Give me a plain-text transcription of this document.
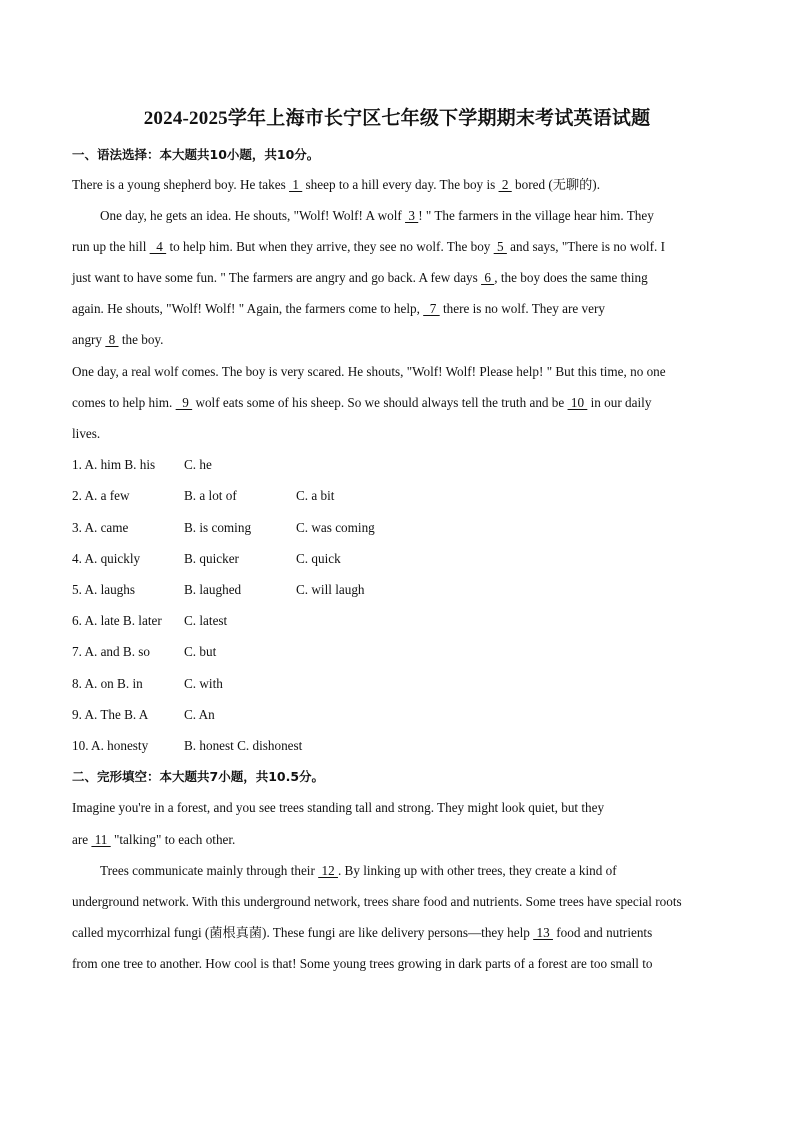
2024-2025学年上海市长宁区七年级下学期期末考试英语试题
一、语法选择：本大题共10小题，共10分。
There is a young shepherd boy. He takes  1  sheep to a hill every day. The boy is  2  bored (无聊的).
One day, he gets an idea. He shouts, "Wolf! Wolf! A wolf  3 ! " The farmers in the village hear him. They
run up the hill   4  to help him. But when they arrive, they see no wolf. The boy  5  and says, "There is no wolf. I
just want to have some fun. " The farmers are angry and go back. A few days  6 , the boy does the same thing
again. He shouts, "Wolf! Wolf! " Again, the farmers come to help,   7  there is no wolf. They are very
angry  8  the boy.
One day, a real wolf comes. The boy is very scared. He shouts, "Wolf! Wolf! Please help! " But this time, no one
comes to help him.   9  wolf eats some of his sheep. So we should always tell the truth and be  10  in our daily
lives.
1. A. him B. his C. he
2. A. a few	B. a lot of	C. a bit
3. A. came	B. is coming	C. was coming
4. A. quickly	B. quicker	C. quick
5. A. laughs	B. laughed	C. will laugh
6. A. late B. later C. latest
7. A. and B. so	C. but
8. A. on B. in	C. with
9. A. The B. A	C. An
10. A. honesty	B. honest C. dishonest
二、完形填空：本大题共7小题，共10.5分。
Imagine you're in a forest, and you see trees standing tall and strong. They might look quiet, but they
are  11  "talking" to each other.
Trees communicate mainly through their  12 . By linking up with other trees, they create a kind of
underground network. With this underground network, trees share food and nutrients. Some trees have special roots
called mycorrhizal fungi (菌根真菌). These fungi are like delivery persons—they help  13  food and nutrients
from one tree to another. How cool is that! Some young trees growing in dark parts of a forest are too small to
